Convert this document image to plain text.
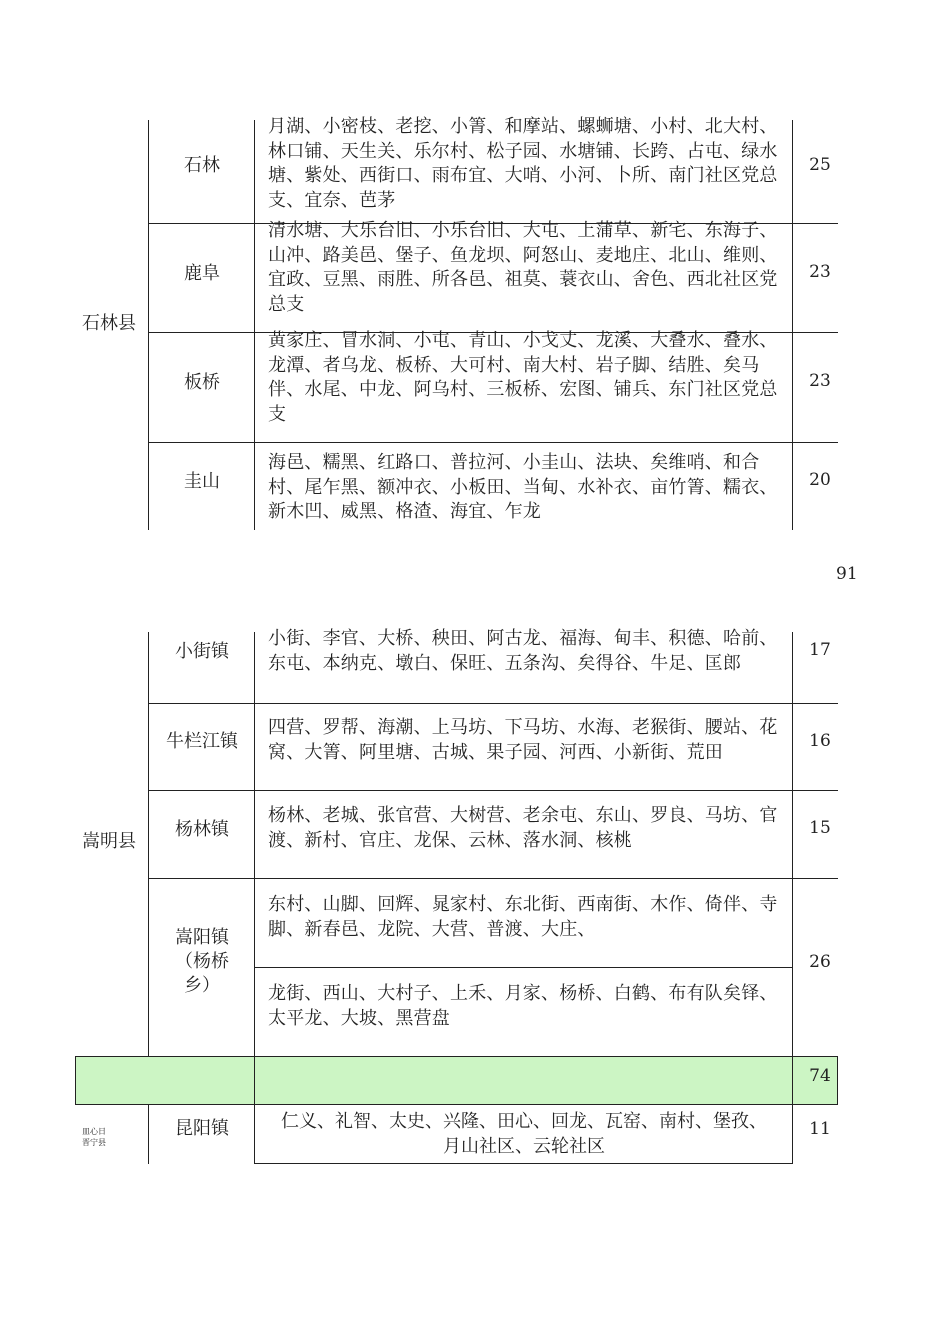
石林县
石林
月湖、小密枝、老挖、小箐、和摩站、螺蛳塘、小村、北大村、林口铺、天生关、乐尔村、松子园、水塘铺、长跨、占屯、绿水塘、紫处、西街口、雨布宜、大哨、小河、卜所、南门社区党总支、宜奈、芭茅
25
鹿阜
清水塘、大乐台旧、小乐台旧、大屯、上蒲草、新宅、东海子、山冲、路美邑、堡子、鱼龙坝、阿怒山、麦地庄、北山、维则、宜政、豆黑、雨胜、所各邑、祖莫、蓑衣山、舍色、西北社区党总支
23
板桥
黄家庄、冒水洞、小屯、青山、小戈丈、龙溪、大叠水、叠水、龙潭、者乌龙、板桥、大可村、南大村、岩子脚、结胜、矣马伴、水尾、中龙、阿乌村、三板桥、宏图、铺兵、东门社区党总支
23
圭山
海邑、糯黑、红路口、普拉河、小圭山、法块、矣维哨、和合村、尾乍黑、额冲衣、小板田、当甸、水补衣、亩竹箐、糯衣、新木凹、威黑、格渣、海宜、乍龙
20
91
74
嵩明县
小街镇
小街、李官、大桥、秧田、阿古龙、福海、甸丰、积德、哈前、东屯、本纳克、墩白、保旺、五条沟、矣得谷、牛足、匡郎
17
牛栏江镇
四营、罗帮、海潮、上马坊、下马坊、水海、老猴街、腰站、花窝、大箐、阿里塘、古城、果子园、河西、小新街、荒田
16
杨林镇
杨林、老城、张官营、大树营、老余屯、东山、罗良、马坊、官渡、新村、官庄、龙保、云林、落水洞、核桃
15
嵩阳镇（杨桥乡）
东村、山脚、回辉、晁家村、东北街、西南街、木作、倚伴、寺脚、新春邑、龙院、大营、普渡、大庄、
龙街、西山、大村子、上禾、月家、杨桥、白鹤、布有队矣铎、太平龙、大坡、黑营盘
26
皿心日
晋宁县
昆阳镇	仁义、礼智、太史、兴隆、田心、回龙、瓦窑、南村、堡孜、
月山社区、云轮社区
11
